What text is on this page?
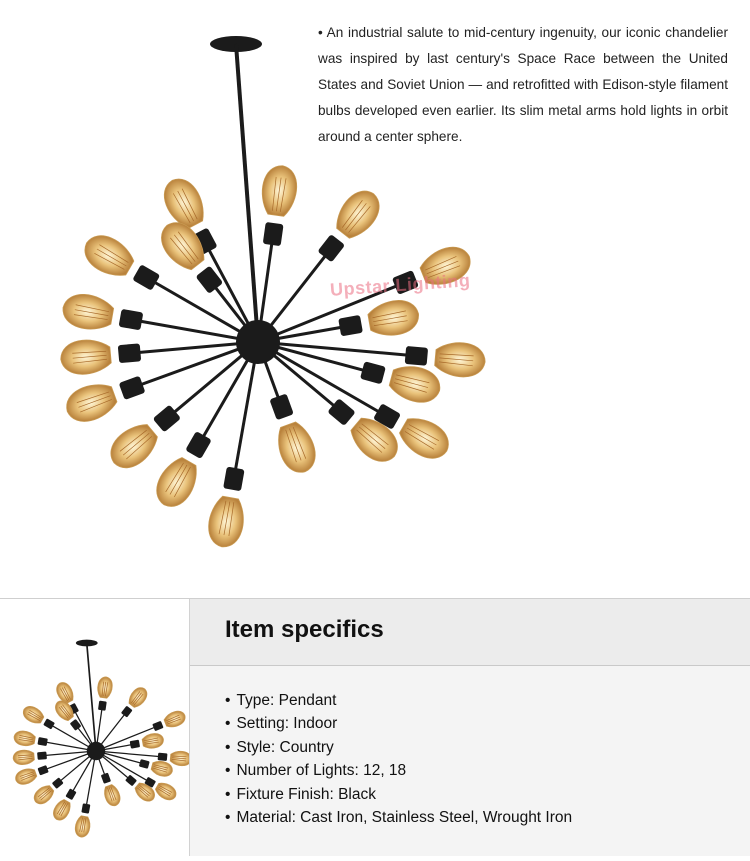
Upstar Lighting
• An industrial salute to mid-century ingenuity, our iconic chandelier was inspired by last century's Space Race between the United States and Soviet Union — and retrofitted with Edison-style filament bulbs developed even earlier. Its slim metal arms hold lights in orbit around a center sphere.
Item specifics
• Type: Pendant
• Setting: Indoor
• Style: Country
• Number of Lights: 12, 18
• Fixture Finish: Black
• Material: Cast Iron, Stainless Steel, Wrought Iron
